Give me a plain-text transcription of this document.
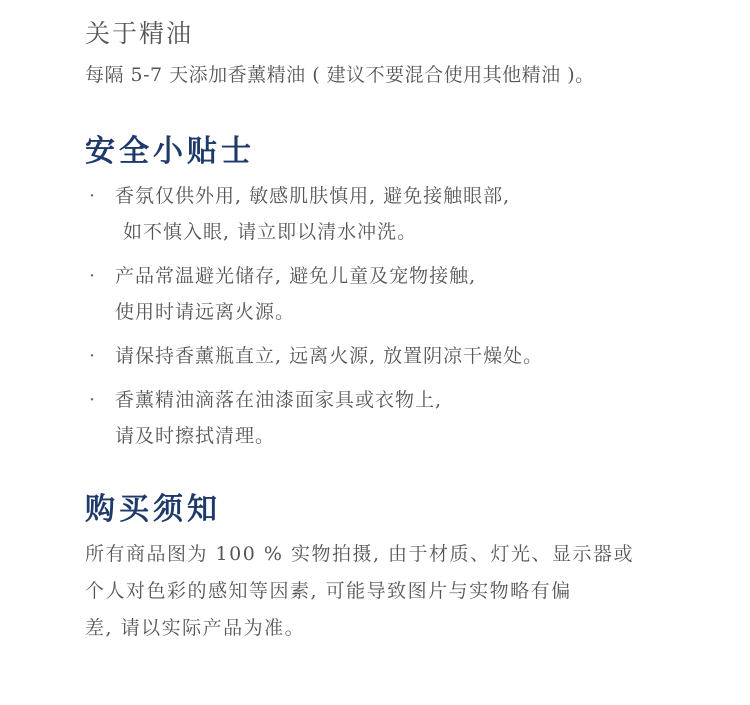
关于精油

每隔 5-7 天添加香薰精油 ( 建议不要混合使用其他精油 )。

安全小贴士
· 香氛仅供外用, 敏感肌肤慎用, 避免接触眼部,
如不慎入眼, 请立即以清水冲洗。
· 产品常温避光储存, 避免儿童及宠物接触,
使用时请远离火源。
· 请保持香薰瓶直立, 远离火源, 放置阴凉干燥处。
· 香薰精油滴落在油漆面家具或衣物上,
请及时擦拭清理。
购买须知

所有商品图为 100 % 实物拍摄, 由于材质、灯光、显示器或
个人对色彩的感知等因素, 可能导致图片与实物略有偏
差, 请以实际产品为准。
